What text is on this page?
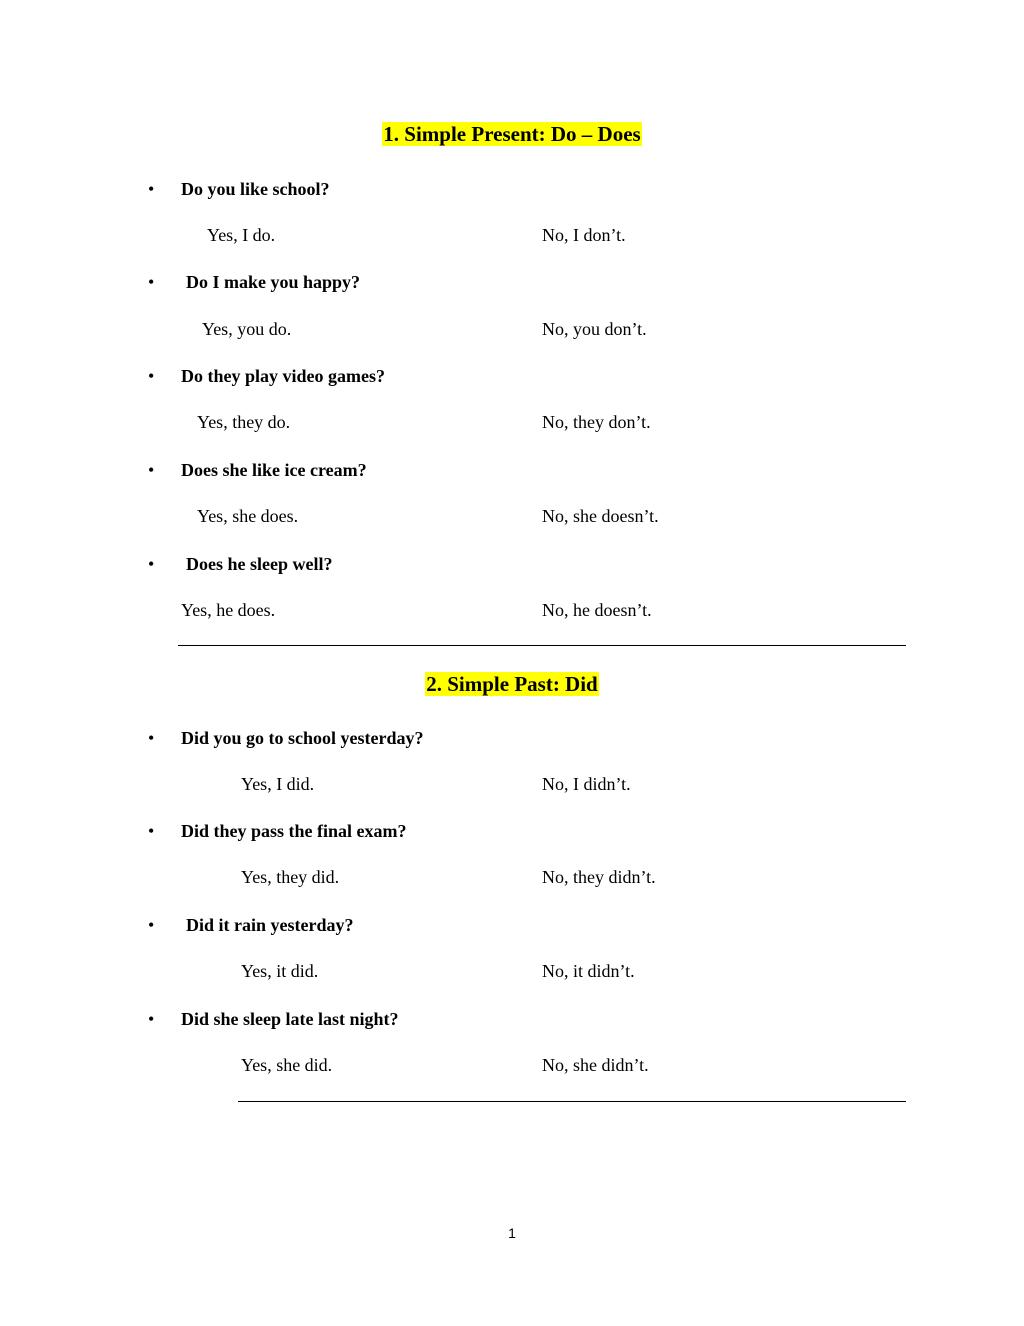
1. Simple Present: Do – Does
• Do you like school?
Yes, I do.	No, I don’t.
• Do I make you happy?
Yes, you do.	No, you don’t.
• Do they play video games?
Yes, they do.	No, they don’t.
• Does she like ice cream?
Yes, she does.	No, she doesn’t.
• Does he sleep well?
Yes, he does.	No, he doesn’t.
2. Simple Past: Did
• Did you go to school yesterday?
Yes, I did.	No, I didn’t.
• Did they pass the final exam?
Yes, they did.	No, they didn’t.
• Did it rain yesterday?
Yes, it did.	No, it didn’t.
• Did she sleep late last night?
Yes, she did.	No, she didn’t.
1
